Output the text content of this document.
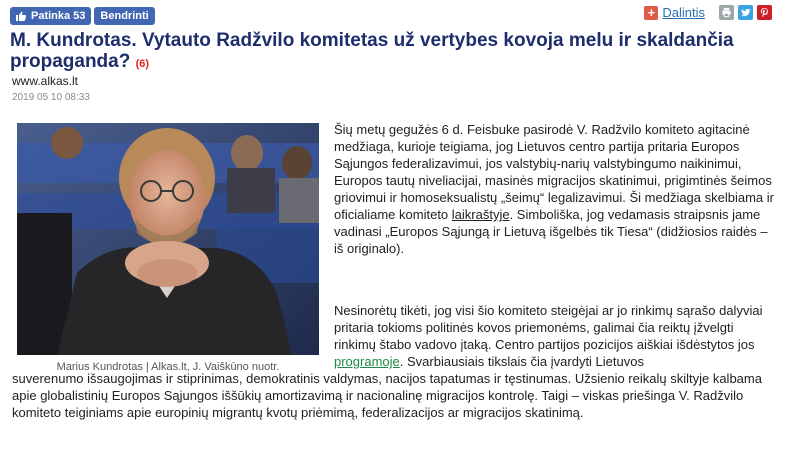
Patinka 53 Bendrinti	+ Dalintis
M. Kundrotas. Vytauto Radžvilo komitetas už vertybes kovoja melu ir skaldančia propaganda? (6)
www.alkas.lt
2019 05 10 08:33
Marius Kundrotas | Alkas.lt, J. Vaiškūno nuotr.
Šių metų gegužės 6 d. Feisbuke pasirodė V. Radžvilo komiteto agitacinė medžiaga, kurioje teigiama, jog Lietuvos centro partija pritaria Europos Sąjungos federalizavimui, jos valstybių-narių valstybingumo naikinimui, Europos tautų niveliacijai, masinės migracijos skatinimui, prigimtinės šeimos griovimui ir homoseksualistų „šeimų“ legalizavimui. Ši medžiaga skelbiama ir oficialiame komiteto laikraštyje. Simboliška, jog vedamasis straipsnis jame vadinasi „Europos Sąjungą ir Lietuvą išgelbės tik Tiesa“ (didžiosios raidės – iš originalo).
Nesinorėtų tikėti, jog visi šio komiteto steigėjai ar jo rinkimų sąrašo dalyviai pritaria tokioms politinės kovos priemonėms, galimai čia reiktų įžvelgti rinkimų štabo vadovo įtaką. Centro partijos pozicijos aiškiai išdėstytos jos programoje. Svarbiausiais tikslais čia įvardyti Lietuvos
suverenumo išsaugojimas ir stiprinimas, demokratinis valdymas, nacijos tapatumas ir tęstinumas. Užsienio reikalų skiltyje kalbama apie globalistinių Europos Sąjungos iššūkių amortizavimą ir nacionalinę migracijos kontrolę. Taigi – viskas priešinga V. Radžvilo komiteto teiginiams apie europinių migrantų kvotų priėmimą, federalizacijos ar migracijos skatinimą.
